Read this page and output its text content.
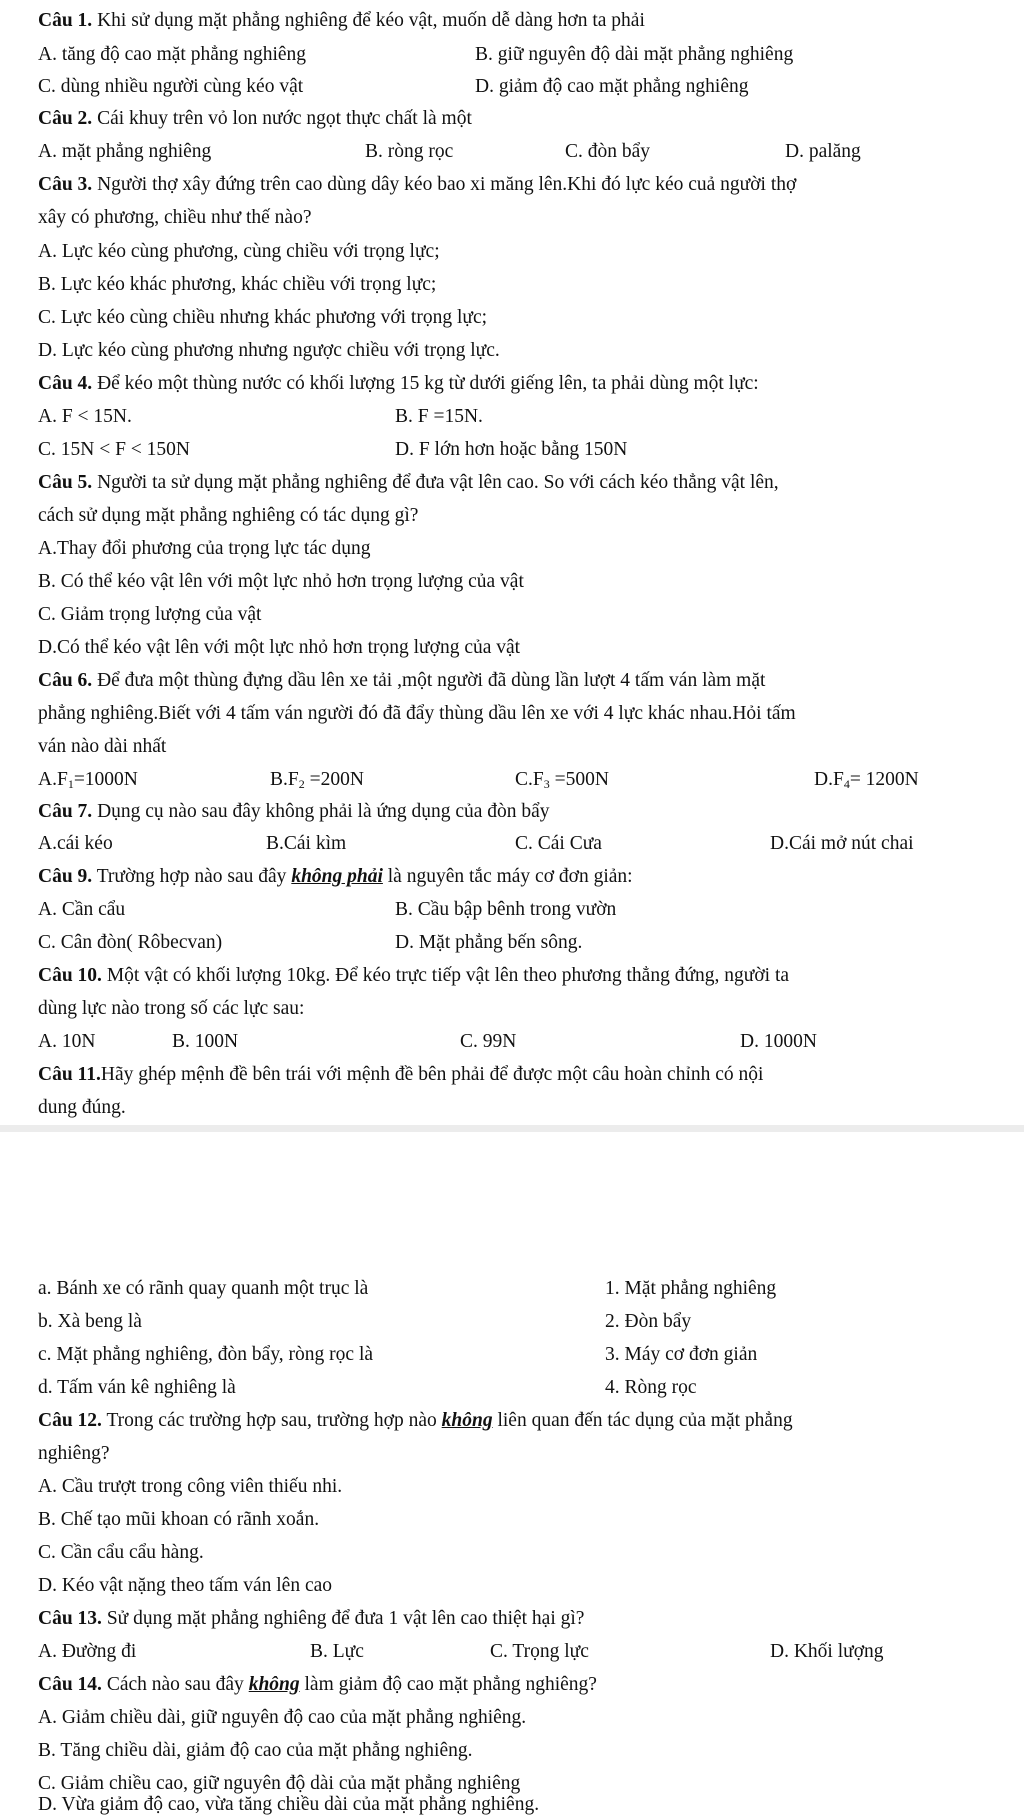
Câu 1. Khi sử dụng mặt phẳng nghiêng để kéo vật, muốn dễ dàng hơn ta phải
A. tăng độ cao mặt phẳng nghiêng	B. giữ nguyên độ dài mặt phẳng nghiêng
C. dùng nhiều người cùng kéo vật	D. giảm độ cao mặt phẳng nghiêng
Câu 2. Cái khuy trên vỏ lon nước ngọt thực chất là một
A. mặt phẳng nghiêng	B. ròng rọc	C. đòn bẩy	D. palăng
Câu 3. Người thợ xây đứng trên cao dùng dây kéo bao xi măng lên.Khi đó lực kéo cuả người thợ
xây có phương, chiều như thế nào?
A. Lực kéo cùng phương, cùng chiều với trọng lực;
B. Lực kéo khác phương, khác chiều với trọng lực;
C. Lực kéo cùng chiều nhưng khác phương với trọng lực;
D. Lực kéo cùng phương nhưng ngược chiều với trọng lực.
Câu 4. Để kéo một thùng nước có khối lượng 15 kg từ dưới giếng lên, ta phải dùng một lực:
A. F < 15N.	B. F =15N.
C. 15N < F < 150N	D. F lớn hơn hoặc bằng 150N
Câu 5. Người ta sử dụng mặt phẳng nghiêng để đưa vật lên cao. So với cách kéo thẳng vật lên,
cách sử dụng mặt phẳng nghiêng có tác dụng gì?
A.Thay đổi phương của trọng lực tác dụng
B. Có thể kéo vật lên với một lực nhỏ hơn trọng lượng của vật
C. Giảm trọng lượng của vật
D.Có thể kéo vật lên với một lực nhỏ hơn trọng lượng của vật
Câu 6. Để đưa một thùng đựng dầu lên xe tải ,một người đã dùng lần lượt 4 tấm ván làm mặt
phẳng nghiêng.Biết với 4 tấm ván người đó đã đẩy thùng dầu lên xe với 4 lực khác nhau.Hỏi tấm
ván nào dài nhất
$A.F_1=1000N$	$B.F_2 =200N$	$C.F_3 =500N$	$D.F_4= 1200N$
Câu 7. Dụng cụ nào sau đây không phải là ứng dụng của đòn bẩy
A.cái kéo	B.Cái kìm	C. Cái Cưa	D.Cái mở nút chai
Câu 9. Trường hợp nào sau đây không phải là nguyên tắc máy cơ đơn giản:
A. Cần cẩu	B. Cầu bập bênh trong vườn
C. Cân đòn( Rôbecvan)	D. Mặt phẳng bến sông.
Câu 10. Một vật có khối lượng 10kg. Để kéo trực tiếp vật lên theo phương thẳng đứng, người ta
dùng lực nào trong số các lực sau:
A. 10N	B. 100N	C. 99N	D. 1000N
Câu 11.Hãy ghép mệnh đề bên trái với mệnh đề bên phải để được một câu hoàn chỉnh có nội
dung đúng.
a. Bánh xe có rãnh quay quanh một trục là	1. Mặt phẳng nghiêng
b. Xà beng là	2. Đòn bẩy
c. Mặt phẳng nghiêng, đòn bẩy, ròng rọc là	3. Máy cơ đơn giản
d. Tấm ván kê nghiêng là	4. Ròng rọc
Câu 12. Trong các trường hợp sau, trường hợp nào không liên quan đến tác dụng của mặt phẳng
nghiêng?
A. Cầu trượt trong công viên thiếu nhi.
B. Chế tạo mũi khoan có rãnh xoắn.
C. Cần cẩu cẩu hàng.
D. Kéo vật nặng theo tấm ván lên cao
Câu 13. Sử dụng mặt phẳng nghiêng để đưa 1 vật lên cao thiệt hại gì?
A. Đường đi	B. Lực	C. Trọng lực	D. Khối lượng
Câu 14. Cách nào sau đây không làm giảm độ cao mặt phẳng nghiêng?
A. Giảm chiều dài, giữ nguyên độ cao của mặt phẳng nghiêng.
B. Tăng chiều dài, giảm độ cao của mặt phẳng nghiêng.
C. Giảm chiều cao, giữ nguyên độ dài của mặt phẳng nghiêng
D. Vừa giảm độ cao, vừa tăng chiều dài của mặt phẳng nghiêng.
